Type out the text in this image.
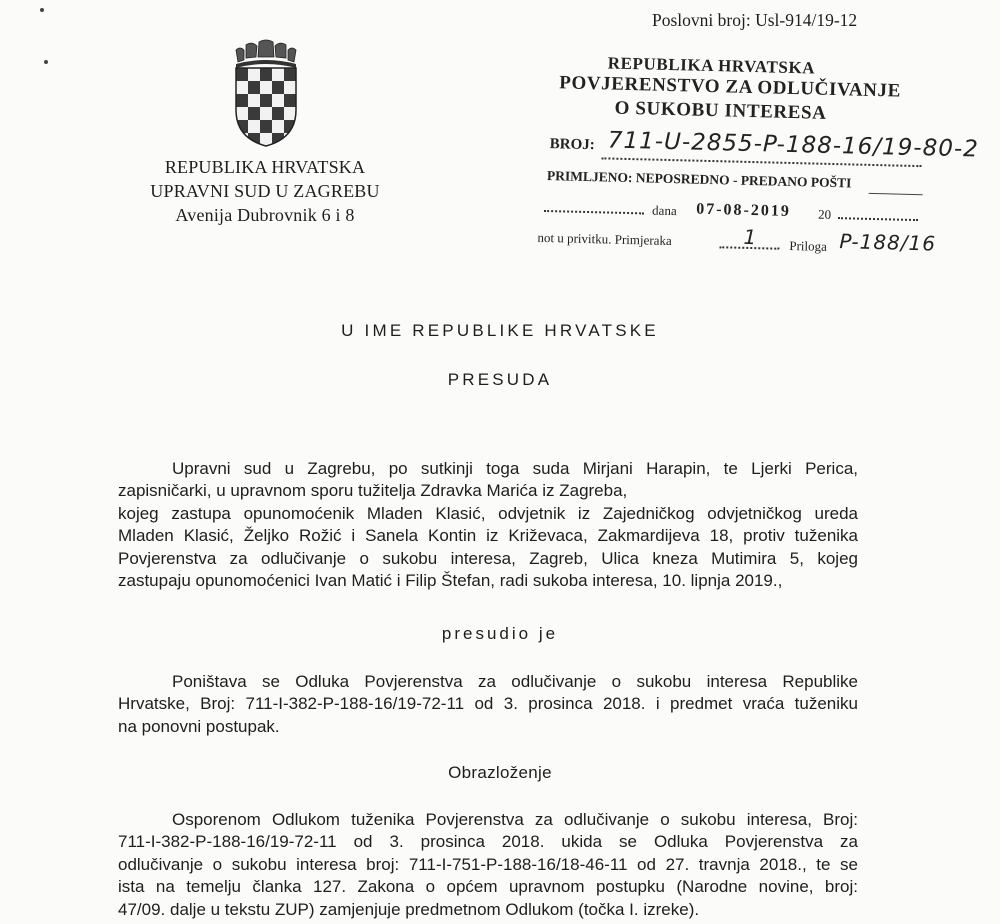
Poslovni broj: Usl-914/19-12
REPUBLIKA HRVATSKA
UPRAVNI SUD U ZAGREBU
Avenija Dubrovnik 6 i 8
REPUBLIKA HRVATSKA
POVJERENSTVO ZA ODLUČIVANJE
O SUKOBU INTERESA
BROJ: 711-U-2855-P-188-16/19-80-2
PRIMLJENO: NEPOSREDNO - PREDANO POŠTI
dana 07-08-2019 20
not u privitku. Primjeraka	1 Priloga P-188/16
U IME REPUBLIKE HRVATSKE
PRESUDA
Upravni sud u Zagrebu, po sutkinji toga suda Mirjani Harapin, te Ljerki Perica,
zapisničarki, u upravnom sporu tužitelja Zdravka Marića iz Zagreba,
kojeg zastupa opunomoćenik Mladen Klasić, odvjetnik iz Zajedničkog odvjetničkog ureda
Mladen Klasić, Željko Rožić i Sanela Kontin iz Križevaca, Zakmardijeva 18, protiv tuženika
Povjerenstva za odlučivanje o sukobu interesa, Zagreb, Ulica kneza Mutimira 5, kojeg
zastupaju opunomoćenici Ivan Matić i Filip Štefan, radi sukoba interesa, 10. lipnja 2019.,
presudio je
Poništava se Odluka Povjerenstva za odlučivanje o sukobu interesa Republike
Hrvatske, Broj: 711-I-382-P-188-16/19-72-11 od 3. prosinca 2018. i predmet vraća tuženiku
na ponovni postupak.
Obrazloženje
Osporenom Odlukom tuženika Povjerenstva za odlučivanje o sukobu interesa, Broj:
711-I-382-P-188-16/19-72-11 od 3. prosinca 2018. ukida se Odluka Povjerenstva za
odlučivanje o sukobu interesa broj: 711-I-751-P-188-16/18-46-11 od 27. travnja 2018., te se
ista na temelju članka 127. Zakona o općem upravnom postupku (Narodne novine, broj:
47/09. dalje u tekstu ZUP) zamjenjuje predmetnom Odlukom (točka I. izreke).
